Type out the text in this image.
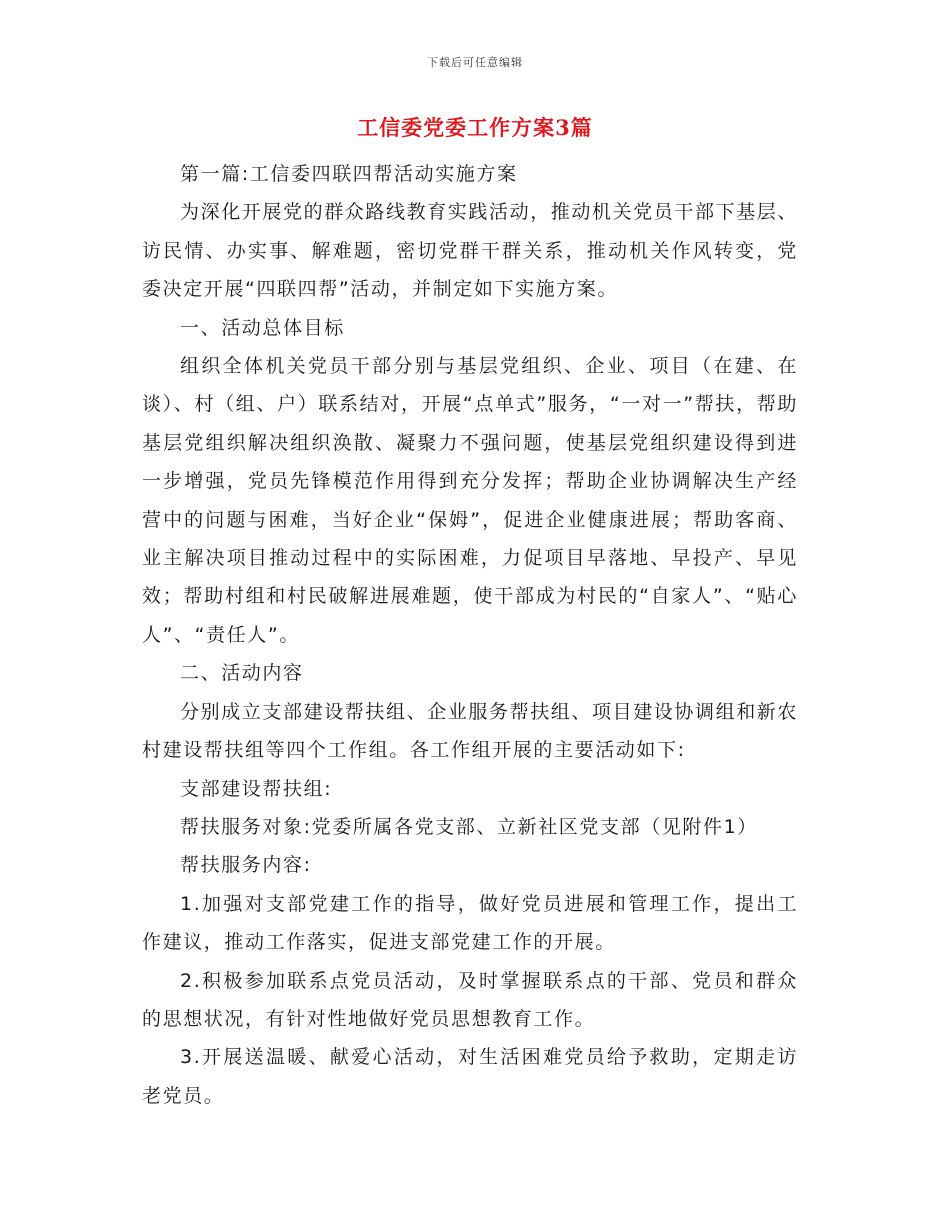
下载后可任意编辑
工信委党委工作方案3篇

第一篇:工信委四联四帮活动实施方案

为深化开展党的群众路线教育实践活动，推动机关党员干部下基层、访民情、办实事、解难题，密切党群干群关系，推动机关作风转变，党委决定开展“四联四帮”活动，并制定如下实施方案。

一、活动总体目标

组织全体机关党员干部分别与基层党组织、企业、项目（在建、在谈）、村（组、户）联系结对，开展“点单式”服务，“一对一”帮扶，帮助基层党组织解决组织涣散、凝聚力不强问题，使基层党组织建设得到进一步增强，党员先锋模范作用得到充分发挥；帮助企业协调解决生产经营中的问题与困难，当好企业“保姆”，促进企业健康进展；帮助客商、业主解决项目推动过程中的实际困难，力促项目早落地、早投产、早见效；帮助村组和村民破解进展难题，使干部成为村民的“自家人”、“贴心人”、“责任人”。

二、活动内容

分别成立支部建设帮扶组、企业服务帮扶组、项目建设协调组和新农村建设帮扶组等四个工作组。各工作组开展的主要活动如下:

支部建设帮扶组:

帮扶服务对象:党委所属各党支部、立新社区党支部（见附件1）

帮扶服务内容:

1.加强对支部党建工作的指导，做好党员进展和管理工作，提出工作建议，推动工作落实，促进支部党建工作的开展。

2.积极参加联系点党员活动，及时掌握联系点的干部、党员和群众的思想状况，有针对性地做好党员思想教育工作。

3.开展送温暖、献爱心活动，对生活困难党员给予救助，定期走访老党员。
